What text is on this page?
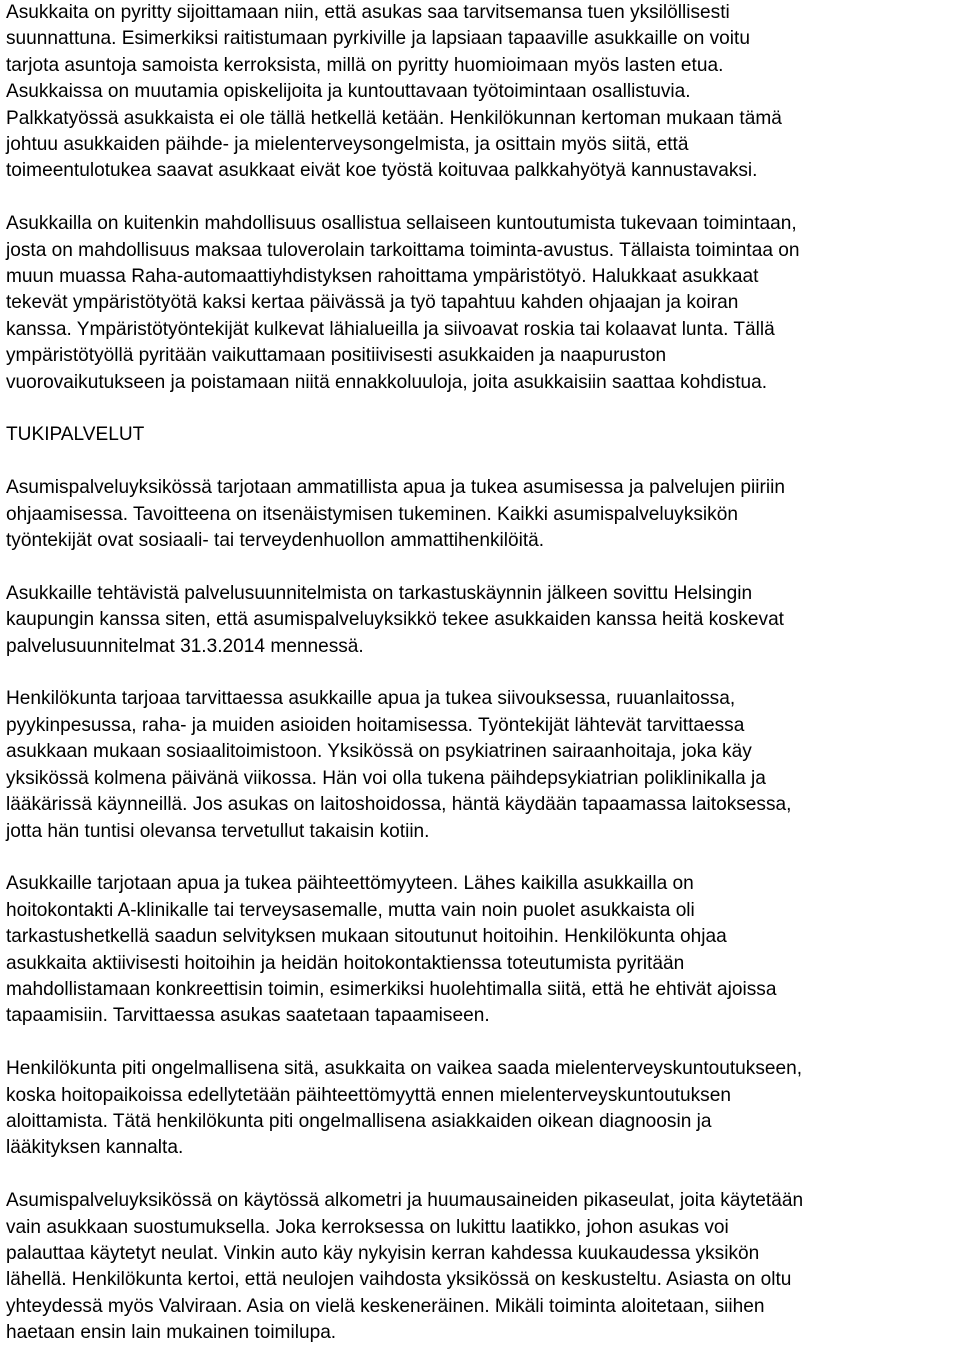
Asukkaita on pyritty sijoittamaan niin, että asukas saa tarvitsemansa tuen yksilöllisesti
suunnattuna. Esimerkiksi raitistumaan pyrkiville ja lapsiaan tapaaville asukkaille on voitu
tarjota asuntoja samoista kerroksista, millä on pyritty huomioimaan myös lasten etua.
Asukkaissa on muutamia opiskelijoita ja kuntouttavaan työtoimintaan osallistuvia.
Palkkatyössä asukkaista ei ole tällä hetkellä ketään. Henkilökunnan kertoman mukaan tämä
johtuu asukkaiden päihde- ja mielenterveysongelmista, ja osittain myös siitä, että
toimeentulotukea saavat asukkaat eivät koe työstä koituvaa palkkahyötyä kannustavaksi.

Asukkailla on kuitenkin mahdollisuus osallistua sellaiseen kuntoutumista tukevaan toimintaan,
josta on mahdollisuus maksaa tuloverolain tarkoittama toiminta-avustus. Tällaista toimintaa on
muun muassa Raha-automaattiyhdistyksen rahoittama ympäristötyö. Halukkaat asukkaat
tekevät ympäristötyötä kaksi kertaa päivässä ja työ tapahtuu kahden ohjaajan ja koiran
kanssa. Ympäristötyöntekijät kulkevat lähialueilla ja siivoavat roskia tai kolaavat lunta. Tällä
ympäristötyöllä pyritään vaikuttamaan positiivisesti asukkaiden ja naapuruston
vuorovaikutukseen ja poistamaan niitä ennakkoluuloja, joita asukkaisiin saattaa kohdistua.

TUKIPALVELUT

Asumispalveluyksikössä tarjotaan ammatillista apua ja tukea asumisessa ja palvelujen piiriin
ohjaamisessa. Tavoitteena on itsenäistymisen tukeminen. Kaikki asumispalveluyksikön
työntekijät ovat sosiaali- tai terveydenhuollon ammattihenkilöitä.

Asukkaille tehtävistä palvelusuunnitelmista on tarkastuskäynnin jälkeen sovittu Helsingin
kaupungin kanssa siten, että asumispalveluyksikkö tekee asukkaiden kanssa heitä koskevat
palvelusuunnitelmat 31.3.2014 mennessä.

Henkilökunta tarjoaa tarvittaessa asukkaille apua ja tukea siivouksessa, ruuanlaitossa,
pyykinpesussa, raha- ja muiden asioiden hoitamisessa. Työntekijät lähtevät tarvittaessa
asukkaan mukaan sosiaalitoimistoon. Yksikössä on psykiatrinen sairaanhoitaja, joka käy
yksikössä kolmena päivänä viikossa. Hän voi olla tukena päihdepsykiatrian poliklinikalla ja
lääkärissä käynneillä. Jos asukas on laitoshoidossa, häntä käydään tapaamassa laitoksessa,
jotta hän tuntisi olevansa tervetullut takaisin kotiin.

Asukkaille tarjotaan apua ja tukea päihteettömyyteen. Lähes kaikilla asukkailla on
hoitokontakti A-klinikalle tai terveysasemalle, mutta vain noin puolet asukkaista oli
tarkastushetkellä saadun selvityksen mukaan sitoutunut hoitoihin. Henkilökunta ohjaa
asukkaita aktiivisesti hoitoihin ja heidän hoitokontaktienssa toteutumista pyritään
mahdollistamaan konkreettisin toimin, esimerkiksi huolehtimalla siitä, että he ehtivät ajoissa
tapaamisiin. Tarvittaessa asukas saatetaan tapaamiseen.

Henkilökunta piti ongelmallisena sitä, asukkaita on vaikea saada mielenterveyskuntoutukseen,
koska hoitopaikoissa edellytetään päihteettömyyttä ennen mielenterveyskuntoutuksen
aloittamista. Tätä henkilökunta piti ongelmallisena asiakkaiden oikean diagnoosin ja
lääkityksen kannalta.

Asumispalveluyksikössä on käytössä alkometri ja huumausaineiden pikaseulat, joita käytetään
vain asukkaan suostumuksella. Joka kerroksessa on lukittu laatikko, johon asukas voi
palauttaa käytetyt neulat. Vinkin auto käy nykyisin kerran kahdessa kuukaudessa yksikön
lähellä. Henkilökunta kertoi, että neulojen vaihdosta yksikössä on keskusteltu. Asiasta on oltu
yhteydessä myös Valviraan. Asia on vielä keskeneräinen. Mikäli toiminta aloitetaan, siihen
haetaan ensin lain mukainen toimilupa.
